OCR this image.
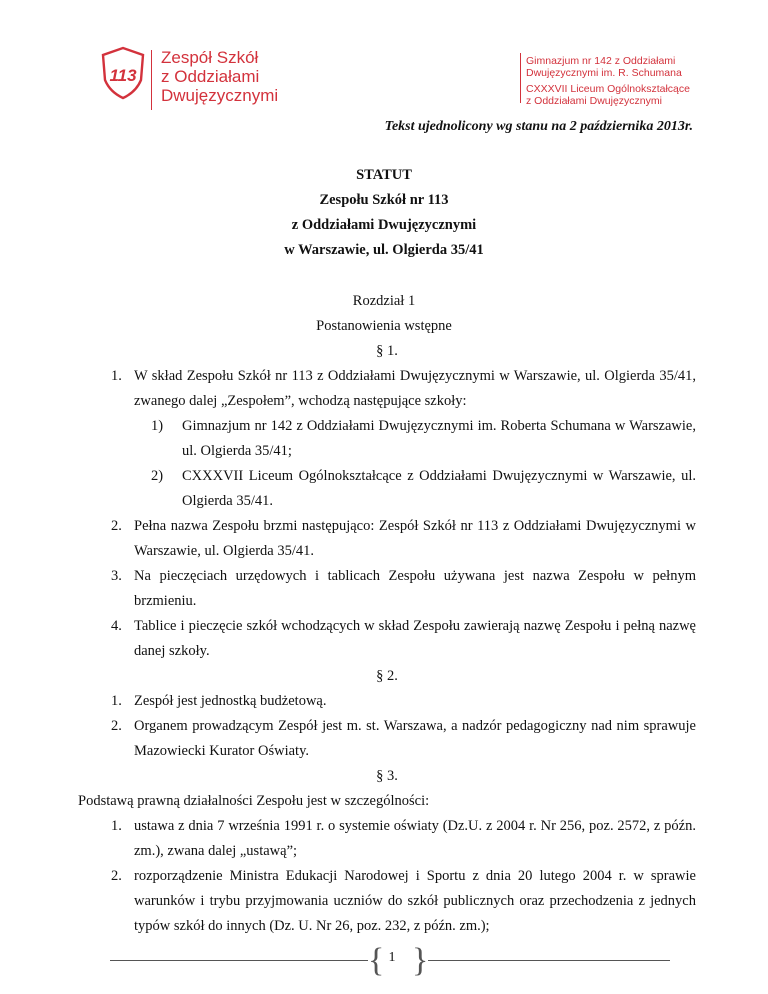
113
Zespół Szkół
z Oddziałami
Dwujęzycznymi
Gimnazjum nr 142 z Oddziałami
Dwujęzycznymi im. R. Schumana
CXXXVII Liceum Ogólnokształcące
z Oddziałami Dwujęzycznymi
Tekst ujednolicony wg stanu na 2 października 2013r.
STATUT
Zespołu Szkół nr 113
z Oddziałami Dwujęzycznymi
w Warszawie, ul. Olgierda 35/41
Rozdział 1
Postanowienia wstępne
§ 1.
1. W skład Zespołu Szkół nr 113 z Oddziałami Dwujęzycznymi w Warszawie, ul. Olgierda 35/41, zwanego dalej „Zespołem”, wchodzą następujące szkoły:
1) Gimnazjum nr 142 z Oddziałami Dwujęzycznymi im. Roberta Schumana w Warszawie, ul. Olgierda 35/41;
2) CXXXVII Liceum Ogólnokształcące z Oddziałami Dwujęzycznymi w Warszawie, ul. Olgierda 35/41.
2. Pełna nazwa Zespołu brzmi następująco: Zespół Szkół nr 113 z Oddziałami Dwujęzycznymi w Warszawie, ul. Olgierda 35/41.
3. Na pieczęciach urzędowych i tablicach Zespołu używana jest nazwa Zespołu w pełnym brzmieniu.
4. Tablice i pieczęcie szkół wchodzących w skład Zespołu zawierają nazwę Zespołu i pełną nazwę danej szkoły.
§ 2.
1. Zespół jest jednostką budżetową.
2. Organem prowadzącym Zespół jest m. st. Warszawa, a nadzór pedagogiczny nad nim sprawuje Mazowiecki Kurator Oświaty.
§ 3.
Podstawą prawną działalności Zespołu jest w szczególności:
1. ustawa z dnia 7 września 1991 r. o systemie oświaty (Dz.U. z 2004 r. Nr 256, poz. 2572, z późn. zm.), zwana dalej „ustawą”;
2. rozporządzenie Ministra Edukacji Narodowej i Sportu z dnia 20 lutego 2004 r. w sprawie warunków i trybu przyjmowania uczniów do szkół publicznych oraz przechodzenia z jednych typów szkół do innych (Dz. U. Nr 26, poz. 232, z późn. zm.);
{ 1 }
